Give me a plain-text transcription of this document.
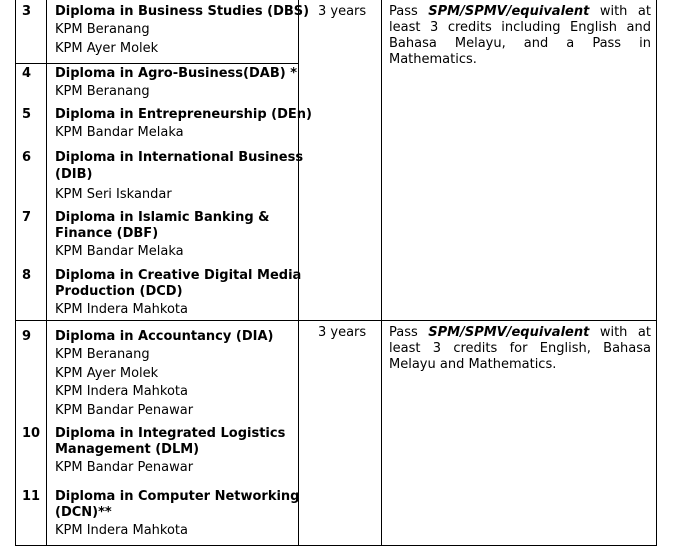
3 Diploma in Business Studies (DBS)
KPM Beranang
KPM Ayer Molek
4 Diploma in Agro-Business(DAB) *
KPM Beranang
5 Diploma in Entrepreneurship (DEn)
KPM Bandar Melaka
6 Diploma in International Business
(DIB)
KPM Seri Iskandar
7 Diploma in Islamic Banking &
Finance (DBF)
KPM Bandar Melaka
8 Diploma in Creative Digital Media
Production (DCD)
KPM Indera Mahkota
3 years Pass SPM/SPMV/equivalent with at least 3 credits including English and Bahasa Melayu, and a Pass in Mathematics.
9 Diploma in Accountancy (DIA)
KPM Beranang
KPM Ayer Molek
KPM Indera Mahkota
KPM Bandar Penawar
10 Diploma in Integrated Logistics
Management (DLM)
KPM Bandar Penawar
11 Diploma in Computer Networking
(DCN)**
KPM Indera Mahkota
3 years Pass SPM/SPMV/equivalent with at least 3 credits for English, Bahasa Melayu and Mathematics.
